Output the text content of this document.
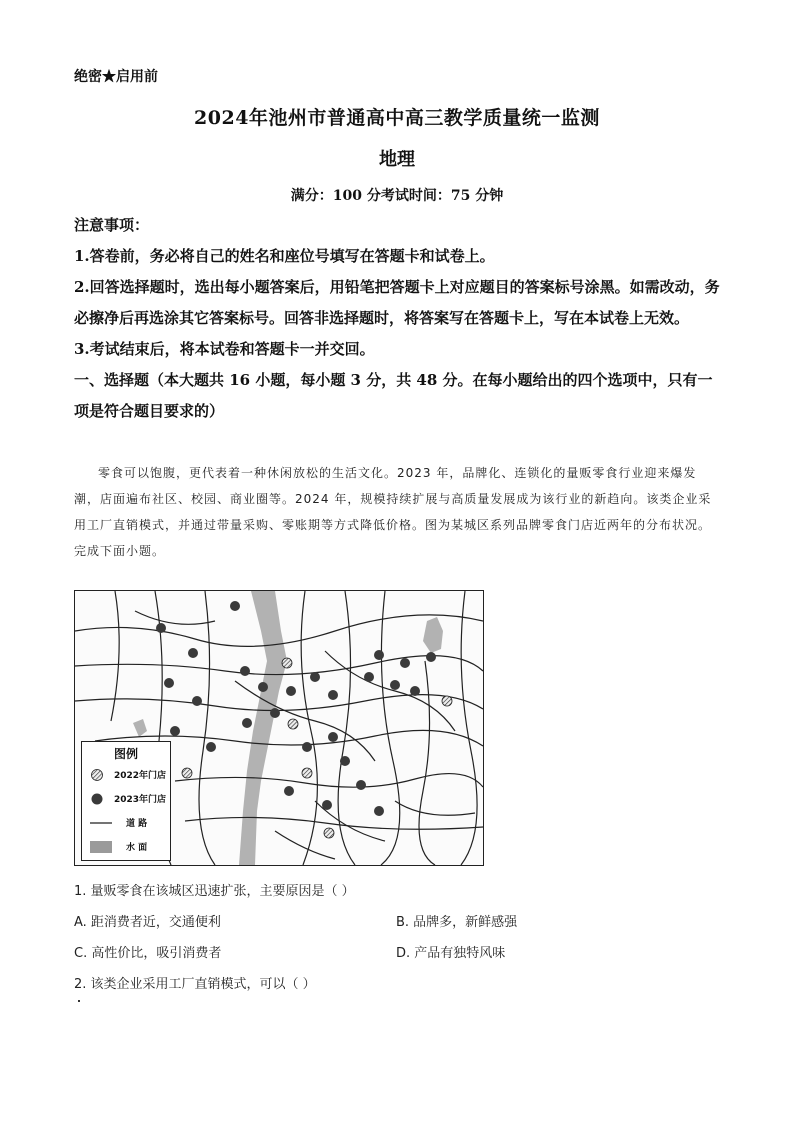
绝密★启用前
2024年池州市普通高中高三教学质量统一监测
地理
满分：100 分考试时间：75 分钟

注意事项：

1.答卷前，务必将自己的姓名和座位号填写在答题卡和试卷上。

2.回答选择题时，选出每小题答案后，用铅笔把答题卡上对应题目的答案标号涂黑。如需改动，务必擦净后再选涂其它答案标号。回答非选择题时，将答案写在答题卡上，写在本试卷上无效。

3.考试结束后，将本试卷和答题卡一并交回。

一、选择题（本大题共 16 小题，每小题 3 分，共 48 分。在每小题给出的四个选项中，只有一项是符合题目要求的）

零食可以饱腹，更代表着一种休闲放松的生活文化。2023 年，品牌化、连锁化的量贩零食行业迎来爆发潮，店面遍布社区、校园、商业圈等。2024 年，规模持续扩展与高质量发展成为该行业的新趋向。该类企业采用工厂直销模式，并通过带量采购、零账期等方式降低价格。图为某城区系列品牌零食门店近两年的分布状况。完成下面小题。
图例
2022年门店
2023年门店
道 路
水 面
1. 量贩零食在该城区迅速扩张，主要原因是（ ）
A. 距消费者近，交通便利	B. 品牌多，新鲜感强
C. 高性价比，吸引消费者	D. 产品有独特风味
2. 该类企业采用工厂直销模式，可以（ ）
